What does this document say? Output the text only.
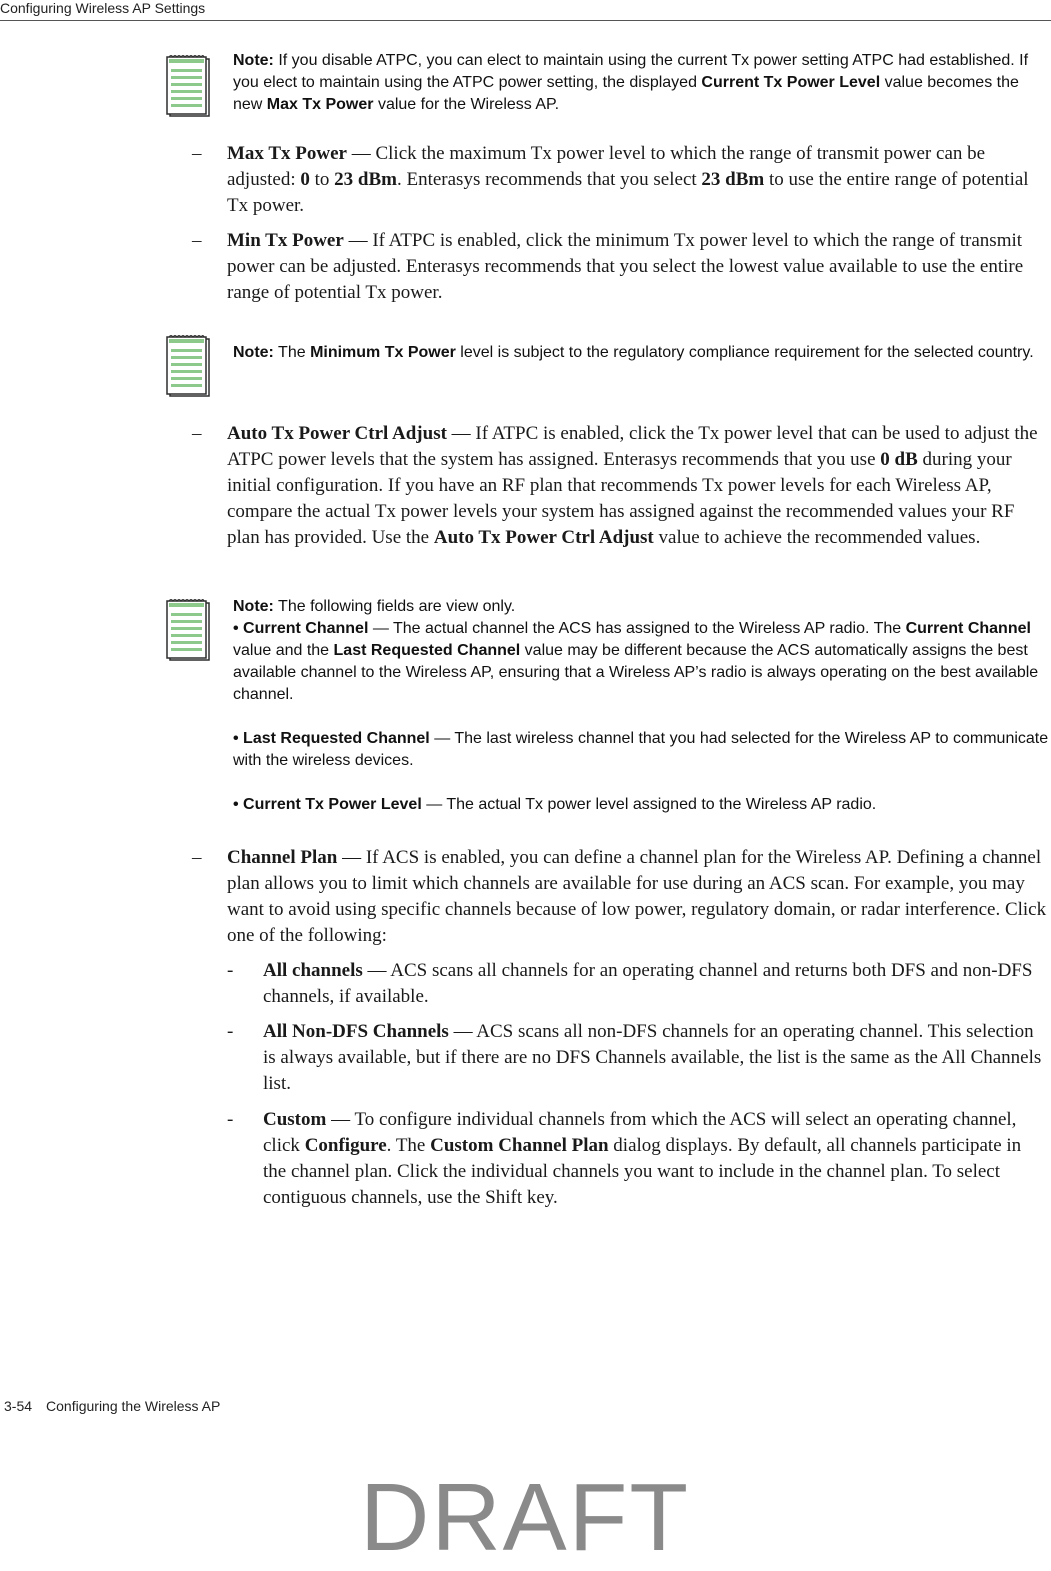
Configuring Wireless AP Settings

Note: If you disable ATPC, you can elect to maintain using the current Tx power setting ATPC had established. If you elect to maintain using the ATPC power setting, the displayed Current Tx Power Level value becomes the new Max Tx Power value for the Wireless AP.

– Max Tx Power — Click the maximum Tx power level to which the range of transmit power can be adjusted: 0 to 23 dBm. Enterasys recommends that you select 23 dBm to use the entire range of potential Tx power.
– Min Tx Power — If ATPC is enabled, click the minimum Tx power level to which the range of transmit power can be adjusted. Enterasys recommends that you select the lowest value available to use the entire range of potential Tx power.

Note: The Minimum Tx Power level is subject to the regulatory compliance requirement for the selected country.

– Auto Tx Power Ctrl Adjust — If ATPC is enabled, click the Tx power level that can be used to adjust the ATPC power levels that the system has assigned. Enterasys recommends that you use 0 dB during your initial configuration. If you have an RF plan that recommends Tx power levels for each Wireless AP, compare the actual Tx power levels your system has assigned against the recommended values your RF plan has provided. Use the Auto Tx Power Ctrl Adjust value to achieve the recommended values.

Note: The following fields are view only.

• Current Channel — The actual channel the ACS has assigned to the Wireless AP radio. The Current Channel value and the Last Requested Channel value may be different because the ACS automatically assigns the best available channel to the Wireless AP, ensuring that a Wireless AP’s radio is always operating on the best available channel.

• Last Requested Channel — The last wireless channel that you had selected for the Wireless AP to communicate with the wireless devices.

• Current Tx Power Level — The actual Tx power level assigned to the Wireless AP radio.

– Channel Plan — If ACS is enabled, you can define a channel plan for the Wireless AP. Defining a channel plan allows you to limit which channels are available for use during an ACS scan. For example, you may want to avoid using specific channels because of low power, regulatory domain, or radar interference. Click one of the following:
- All channels — ACS scans all channels for an operating channel and returns both DFS and non-DFS channels, if available.
- All Non-DFS Channels — ACS scans all non-DFS channels for an operating channel. This selection is always available, but if there are no DFS Channels available, the list is the same as the All Channels list.
- Custom — To configure individual channels from which the ACS will select an operating channel, click Configure. The Custom Channel Plan dialog displays. By default, all channels participate in the channel plan. Click the individual channels you want to include in the channel plan. To select contiguous channels, use the Shift key.
3-54 Configuring the Wireless AP
DRAFT
